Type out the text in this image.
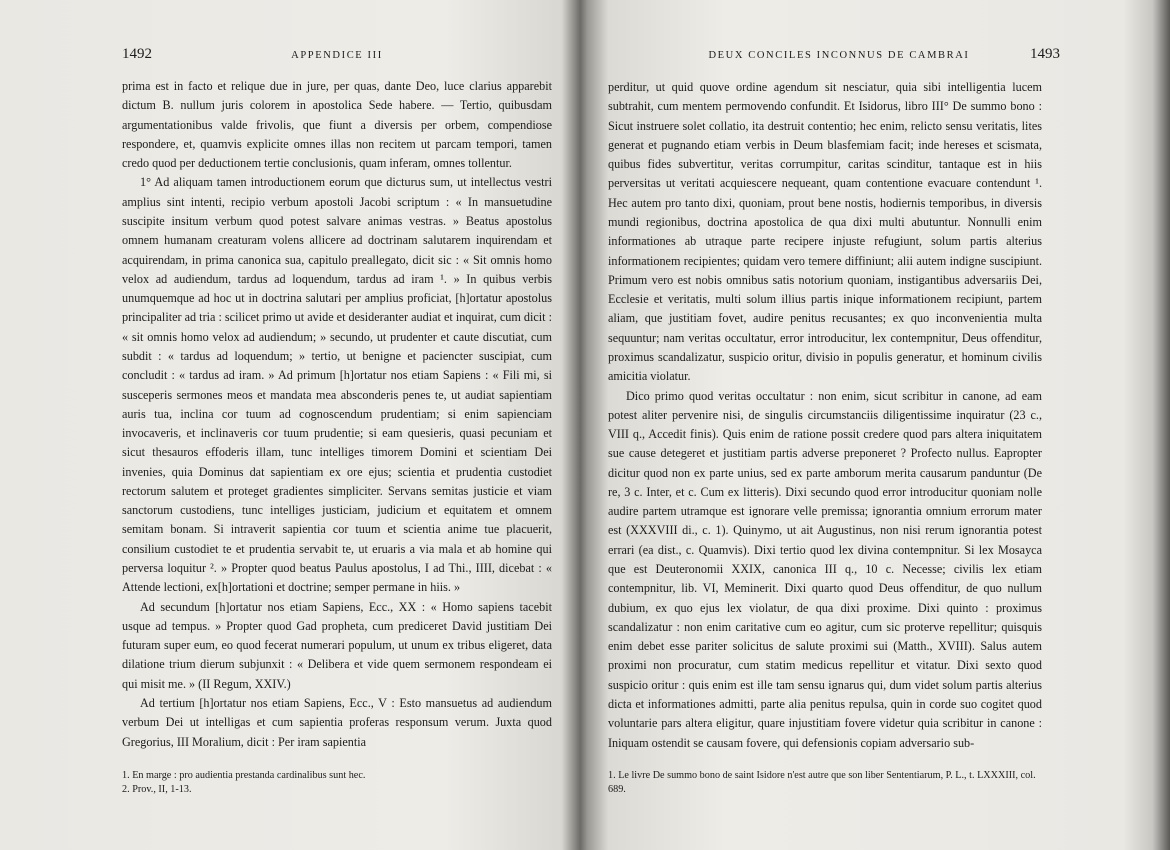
1492	APPENDICE III

prima est in facto et relique due in jure, per quas, dante Deo, luce clarius apparebit dictum B. nullum juris colorem in apostolica Sede habere. — Tertio, quibusdam argumentationibus valde frivolis, que fiunt a diversis per orbem, compendiose respondere, et, quamvis explicite omnes illas non recitem ut parcam tempori, tamen credo quod per deductionem tertie conclusionis, quam inferam, omnes tollentur.

1° Ad aliquam tamen introductionem eorum que dicturus sum, ut intellectus vestri amplius sint intenti, recipio verbum apostoli Jacobi scriptum : « In mansuetudine suscipite insitum verbum quod potest salvare animas vestras. » Beatus apostolus omnem humanam creaturam volens allicere ad doctrinam salutarem inquirendam et acquirendam, in prima canonica sua, capitulo preallegato, dicit sic : « Sit omnis homo velox ad audiendum, tardus ad loquendum, tardus ad iram ¹. » In quibus verbis unumquemque ad hoc ut in doctrina salutari per amplius proficiat, [h]ortatur apostolus principaliter ad tria : scilicet primo ut avide et desideranter audiat et inquirat, cum dicit : « sit omnis homo velox ad audiendum; » secundo, ut prudenter et caute discutiat, cum subdit : « tardus ad loquendum; » tertio, ut benigne et paciencter suscipiat, cum concludit : « tardus ad iram. » Ad primum [h]ortatur nos etiam Sapiens : « Fili mi, si susceperis sermones meos et mandata mea absconderis penes te, ut audiat sapientiam auris tua, inclina cor tuum ad cognoscendum prudentiam; si enim sapienciam invocaveris, et inclinaveris cor tuum prudentie; si eam quesieris, quasi pecuniam et sicut thesauros effoderis illam, tunc intelliges timorem Domini et scientiam Dei invenies, quia Dominus dat sapientiam ex ore ejus; scientia et prudentia custodiet rectorum salutem et proteget gradientes simpliciter. Servans semitas justicie et viam sanctorum custodiens, tunc intelliges justiciam, judicium et equitatem et omnem semitam bonam. Si intraverit sapientia cor tuum et scientia anime tue placuerit, consilium custodiet te et prudentia servabit te, ut eruaris a via mala et ab homine qui perversa loquitur ². » Propter quod beatus Paulus apostolus, I ad Thi., IIII, dicebat : « Attende lectioni, ex[h]ortationi et doctrine; semper permane in hiis. »

Ad secundum [h]ortatur nos etiam Sapiens, Ecc., XX : « Homo sapiens tacebit usque ad tempus. » Propter quod Gad propheta, cum prediceret David justitiam Dei futuram super eum, eo quod fecerat numerari populum, ut unum ex tribus eligeret, data dilatione trium dierum subjunxit : « Delibera et vide quem sermonem respondeam ei qui misit me. » (II Regum, XXIV.)

Ad tertium [h]ortatur nos etiam Sapiens, Ecc., V : Esto mansuetus ad audiendum verbum Dei ut intelligas et cum sapientia proferas responsum verum. Juxta quod Gregorius, III Moralium, dicit : Per iram sapientia

1. En marge : pro audientia prestanda cardinalibus sunt hec.
2. Prov., II, 1-13.
DEUX CONCILES INCONNUS DE CAMBRAI	1493

perditur, ut quid quove ordine agendum sit nesciatur, quia sibi intelligentia lucem subtrahit, cum mentem permovendo confundit. Et Isidorus, libro III° De summo bono : Sicut instruere solet collatio, ita destruit contentio; hec enim, relicto sensu veritatis, lites generat et pugnando etiam verbis in Deum blasfemiam facit; inde hereses et scismata, quibus fides subvertitur, veritas corrumpitur, caritas scinditur, tantaque est in hiis perversitas ut veritati acquiescere nequeant, quam contentione evacuare contendunt ¹. Hec autem pro tanto dixi, quoniam, prout bene nostis, hodiernis temporibus, in diversis mundi regionibus, doctrina apostolica de qua dixi multi abutuntur. Nonnulli enim informationes ab utraque parte recipere injuste refugiunt, solum partis alterius informationem recipientes; quidam vero temere diffiniunt; alii autem indigne suscipiunt. Primum vero est nobis omnibus satis notorium quoniam, instigantibus adversariis Dei, Ecclesie et veritatis, multi solum illius partis inique informationem recipiunt, partem aliam, que justitiam fovet, audire penitus recusantes; ex quo inconvenientia multa sequuntur; nam veritas occultatur, error introducitur, lex contempnitur, Deus offenditur, proximus scandalizatur, suspicio oritur, divisio in populis generatur, et hominum civilis amicitia violatur.

Dico primo quod veritas occultatur : non enim, sicut scribitur in canone, ad eam potest aliter pervenire nisi, de singulis circumstanciis diligentissime inquiratur (23 c., VIII q., Accedit finis). Quis enim de ratione possit credere quod pars altera iniquitatem sue cause detegeret et justitiam partis adverse preponeret ? Profecto nullus. Eapropter dicitur quod non ex parte unius, sed ex parte amborum merita causarum panduntur (De re, 3 c. Inter, et c. Cum ex litteris). Dixi secundo quod error introducitur quoniam nolle audire partem utramque est ignorare velle premissa; ignorantia omnium errorum mater est (XXXVIII di., c. 1). Quinymo, ut ait Augustinus, non nisi rerum ignorantia potest errari (ea dist., c. Quamvis). Dixi tertio quod lex divina contempnitur. Si lex Mosayca que est Deuteronomii XXIX, canonica III q., 10 c. Necesse; civilis lex etiam contempnitur, lib. VI, Meminerit. Dixi quarto quod Deus offenditur, de quo nullum dubium, ex quo ejus lex violatur, de qua dixi proxime. Dixi quinto : proximus scandalizatur : non enim caritative cum eo agitur, cum sic proterve repellitur; quisquis enim debet esse pariter solicitus de salute proximi sui (Matth., XVIII). Salus autem proximi non procuratur, cum statim medicus repellitur et vitatur. Dixi sexto quod suspicio oritur : quis enim est ille tam sensu ignarus qui, dum videt solum partis alterius dicta et informationes admitti, parte alia penitus repulsa, quin in corde suo cogitet quod voluntarie pars altera eligitur, quare injustitiam fovere videtur quia scribitur in canone : Iniquam ostendit se causam fovere, qui defensionis copiam adversario sub-

1. Le livre De summo bono de saint Isidore n'est autre que son liber Sententiarum, P. L., t. LXXXIII, col. 689.
